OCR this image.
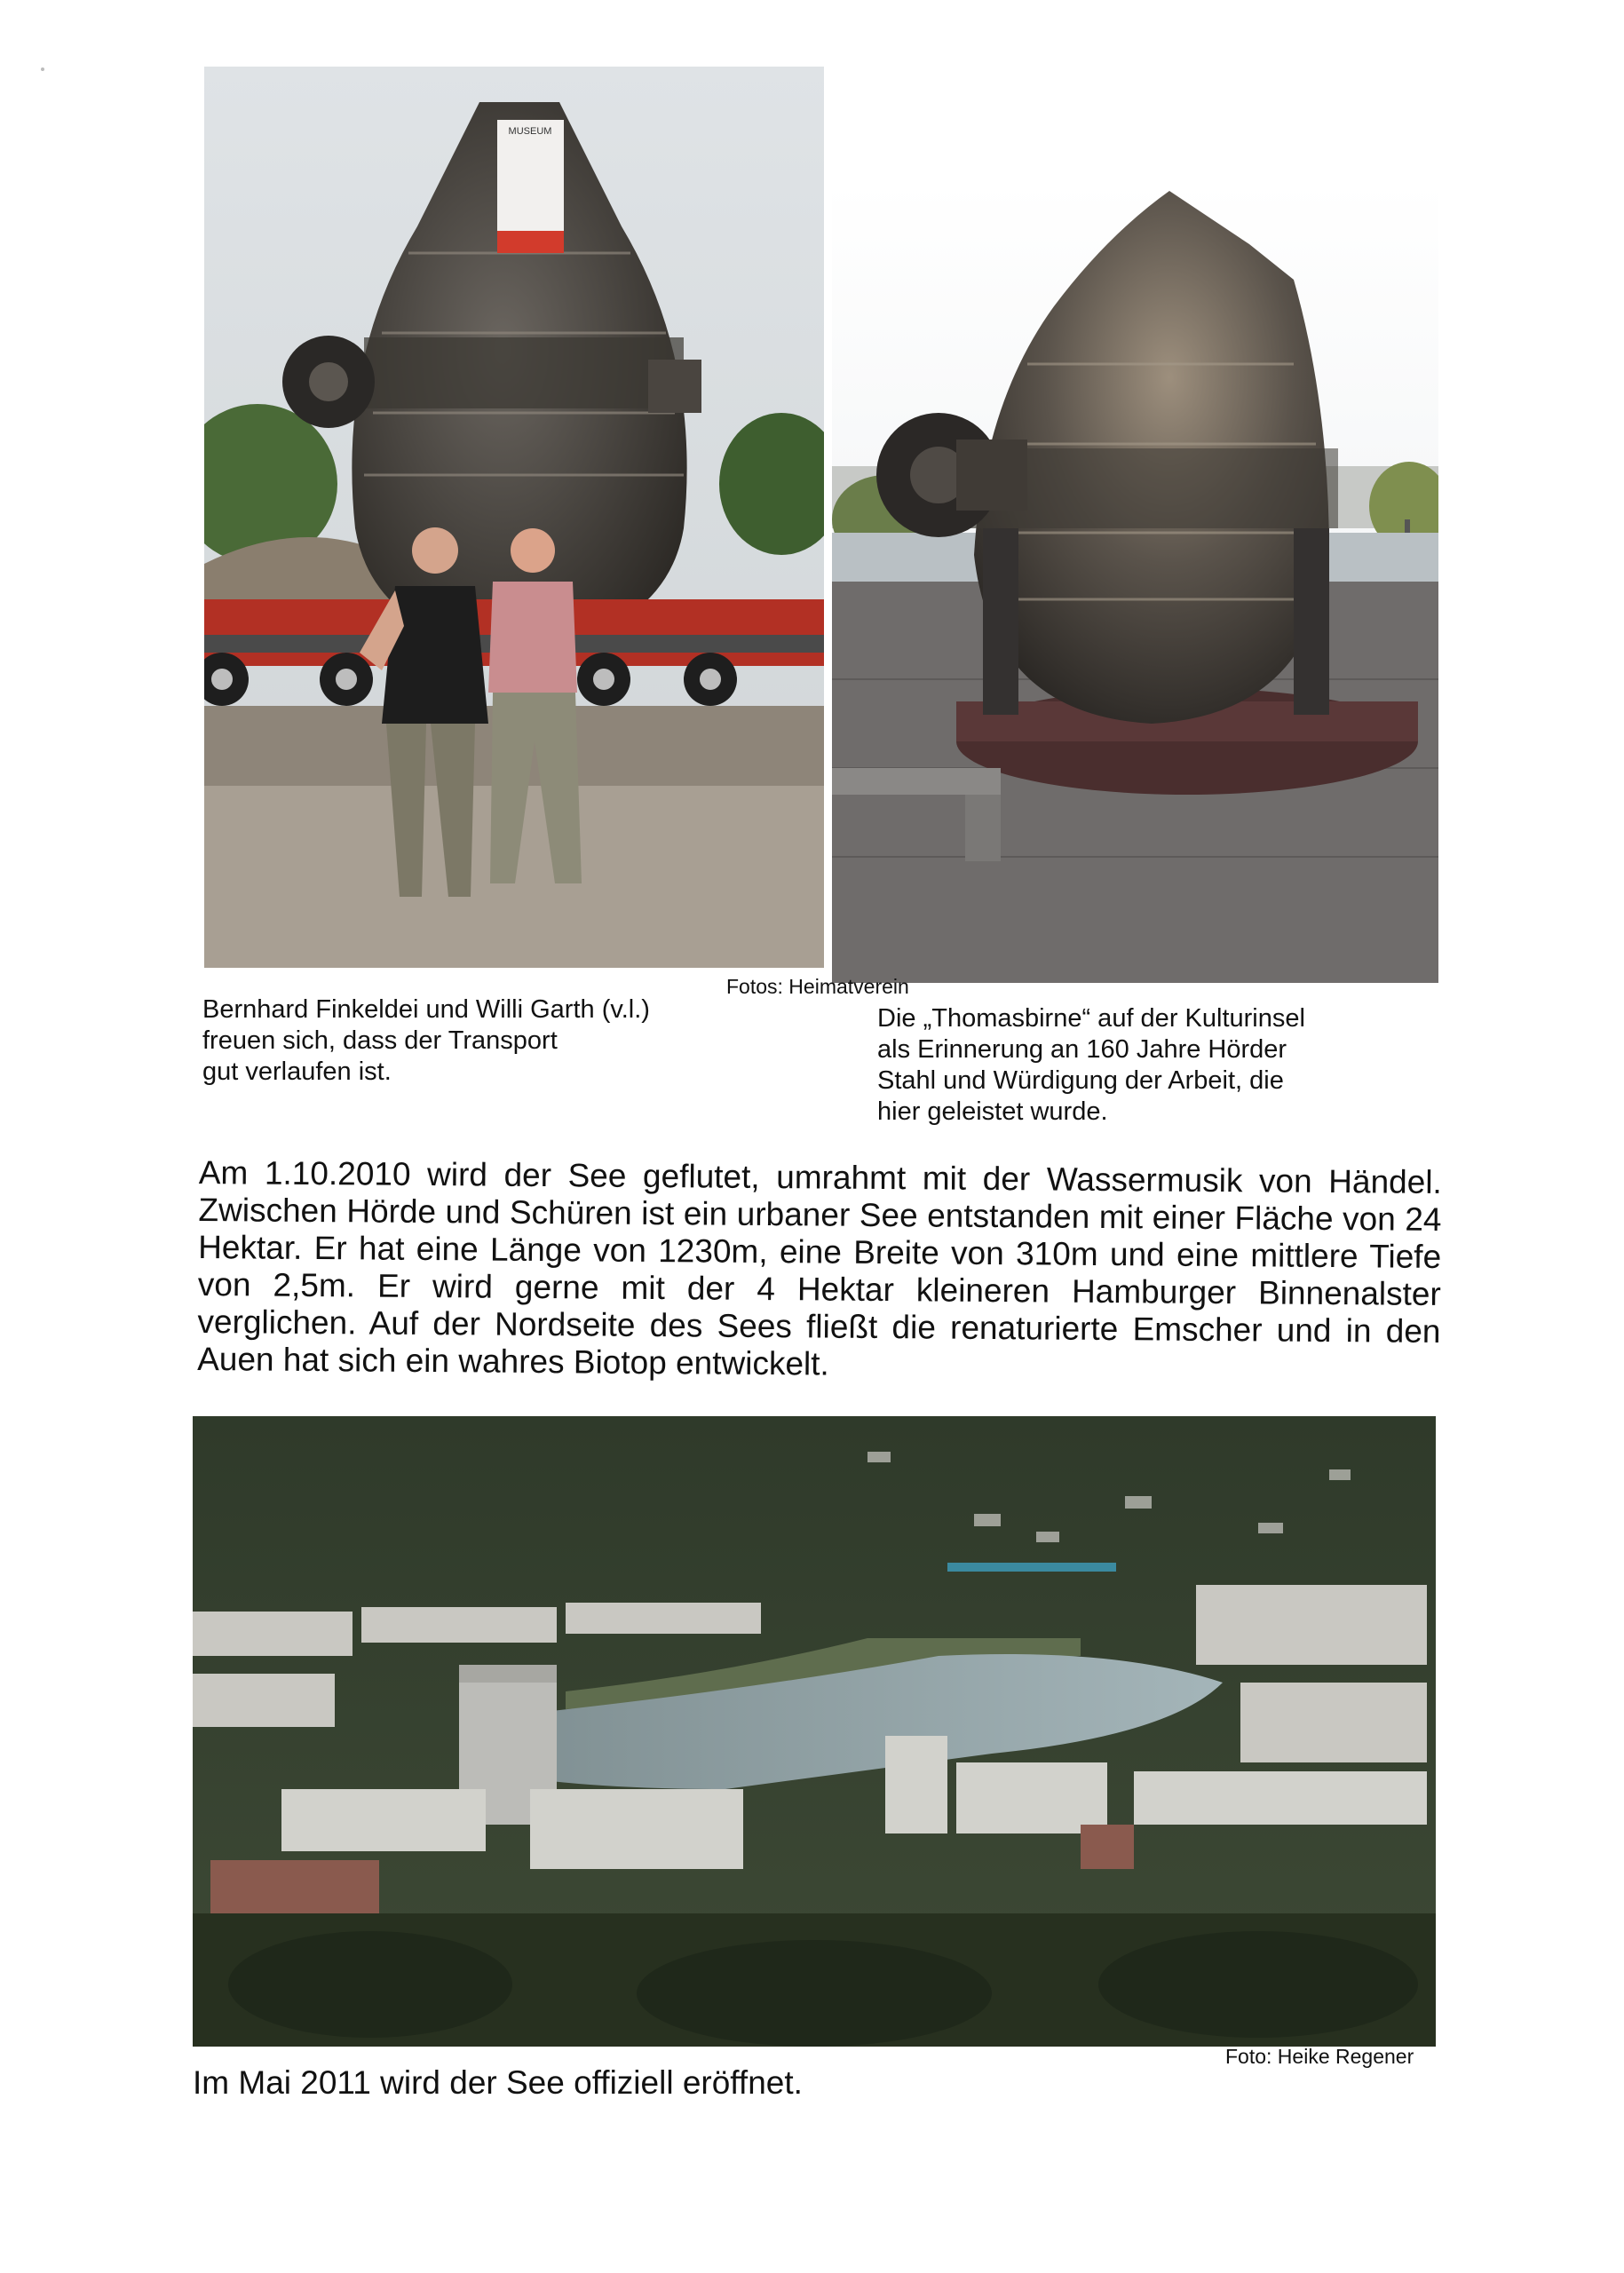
MUSEUM
Fotos: Heimatverein
Bernhard Finkeldei und Willi Garth (v.l.)
freuen sich, dass der Transport
gut verlaufen ist.
Die „Thomasbirne“ auf der Kulturinsel
als Erinnerung an 160 Jahre Hörder
Stahl und Würdigung der Arbeit, die
hier geleistet wurde.
Am 1.10.2010 wird der See geflutet, umrahmt mit der Wassermusik von Händel. Zwischen Hörde und Schüren ist ein urbaner See entstanden mit einer Fläche von 24 Hektar. Er hat eine Länge von 1230m, eine Breite von 310m und eine mittlere Tiefe von 2,5m. Er wird gerne mit der 4 Hektar kleineren Hamburger Binnenalster verglichen. Auf der Nordseite des Sees fließt die renaturierte Emscher und in den Auen hat sich ein wahres Biotop entwickelt.
Foto: Heike Regener
Im Mai 2011 wird der See offiziell eröffnet.
